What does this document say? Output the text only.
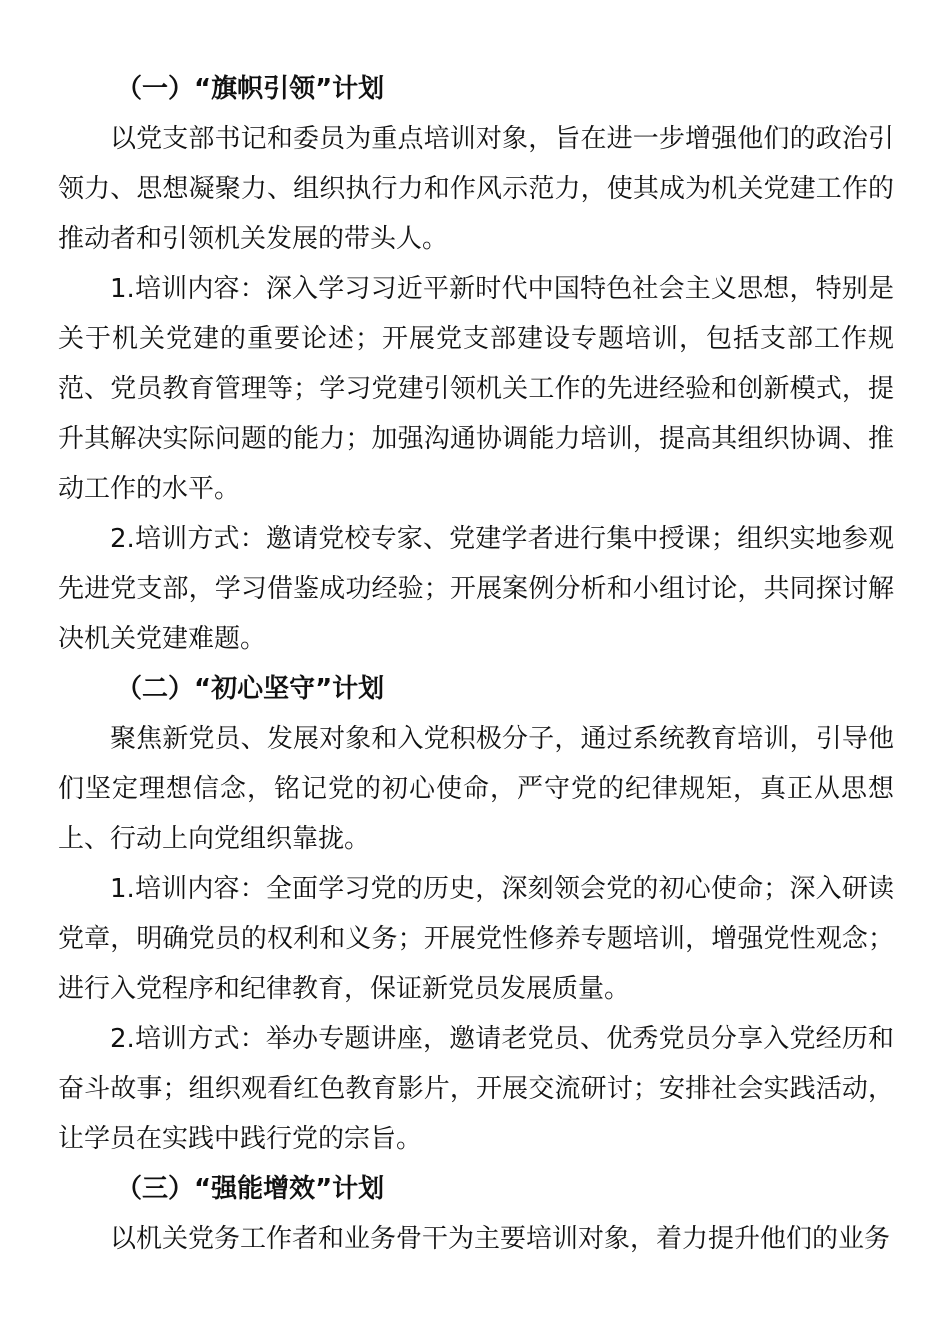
（一）“旗帜引领”计划

以党支部书记和委员为重点培训对象，旨在进一步增强他们的政治引领力、思想凝聚力、组织执行力和作风示范力，使其成为机关党建工作的推动者和引领机关发展的带头人。

1.培训内容：深入学习习近平新时代中国特色社会主义思想，特别是关于机关党建的重要论述；开展党支部建设专题培训，包括支部工作规范、党员教育管理等；学习党建引领机关工作的先进经验和创新模式，提升其解决实际问题的能力；加强沟通协调能力培训，提高其组织协调、推动工作的水平。

2.培训方式：邀请党校专家、党建学者进行集中授课；组织实地参观先进党支部，学习借鉴成功经验；开展案例分析和小组讨论，共同探讨解决机关党建难题。

（二）“初心坚守”计划

聚焦新党员、发展对象和入党积极分子，通过系统教育培训，引导他们坚定理想信念，铭记党的初心使命，严守党的纪律规矩，真正从思想上、行动上向党组织靠拢。

1.培训内容：全面学习党的历史，深刻领会党的初心使命；深入研读党章，明确党员的权利和义务；开展党性修养专题培训，增强党性观念；进行入党程序和纪律教育，保证新党员发展质量。

2.培训方式：举办专题讲座，邀请老党员、优秀党员分享入党经历和奋斗故事；组织观看红色教育影片，开展交流研讨；安排社会实践活动，让学员在实践中践行党的宗旨。

（三）“强能增效”计划

以机关党务工作者和业务骨干为主要培训对象，着力提升他们的业务
